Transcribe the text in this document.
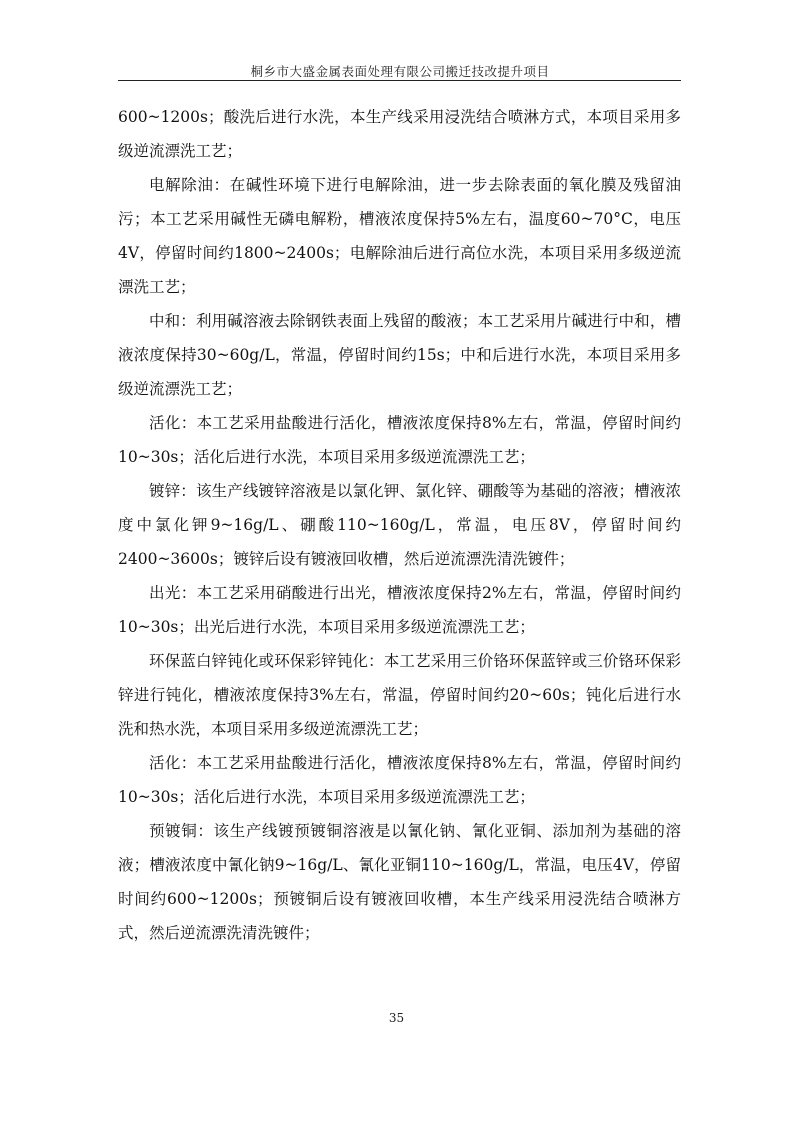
桐乡市大盛金属表面处理有限公司搬迁技改提升项目

600~1200s；酸洗后进行水洗，本生产线采用浸洗结合喷淋方式，本项目采用多级逆流漂洗工艺；

电解除油：在碱性环境下进行电解除油，进一步去除表面的氧化膜及残留油污；本工艺采用碱性无磷电解粉，槽液浓度保持5%左右，温度60~70°C，电压4V，停留时间约1800~2400s；电解除油后进行高位水洗，本项目采用多级逆流漂洗工艺；

中和：利用碱溶液去除钢铁表面上残留的酸液；本工艺采用片碱进行中和，槽液浓度保持30~60g/L，常温，停留时间约15s；中和后进行水洗，本项目采用多级逆流漂洗工艺；

活化：本工艺采用盐酸进行活化，槽液浓度保持8%左右，常温，停留时间约10~30s；活化后进行水洗，本项目采用多级逆流漂洗工艺；

镀锌：该生产线镀锌溶液是以氯化钾、氯化锌、硼酸等为基础的溶液；槽液浓度中氯化钾9~16g/L、硼酸110~160g/L，常温，电压8V，停留时间约2400~3600s；镀锌后设有镀液回收槽，然后逆流漂洗清洗镀件；

出光：本工艺采用硝酸进行出光，槽液浓度保持2%左右，常温，停留时间约10~30s；出光后进行水洗，本项目采用多级逆流漂洗工艺；

环保蓝白锌钝化或环保彩锌钝化：本工艺采用三价铬环保蓝锌或三价铬环保彩锌进行钝化，槽液浓度保持3%左右，常温，停留时间约20~60s；钝化后进行水洗和热水洗，本项目采用多级逆流漂洗工艺；

活化：本工艺采用盐酸进行活化，槽液浓度保持8%左右，常温，停留时间约10~30s；活化后进行水洗，本项目采用多级逆流漂洗工艺；

预镀铜：该生产线镀预镀铜溶液是以氰化钠、氰化亚铜、添加剂为基础的溶液；槽液浓度中氰化钠9~16g/L、氰化亚铜110~160g/L，常温，电压4V，停留时间约600~1200s；预镀铜后设有镀液回收槽，本生产线采用浸洗结合喷淋方式，然后逆流漂洗清洗镀件；

35
